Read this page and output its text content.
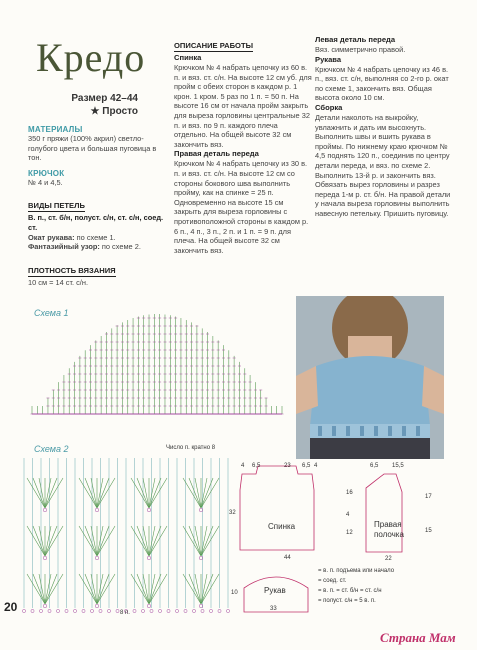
Кредо
Размер 42–44
★ Просто
МАТЕРИАЛЫ
350 г пряжи (100% акрил) светло-голубого цвета и большая пуговица в тон.
КРЮЧОК
№ 4 и 4,5.
ВИДЫ ПЕТЕЛЬ
В. п., ст. б/н, полуст. с/н, ст. с/н, соед. ст.
Окат рукава: по схеме 1.
Фантазийный узор: по схеме 2.
ПЛОТНОСТЬ ВЯЗАНИЯ
10 см = 14 ст. с/н.
ОПИСАНИЕ РАБОТЫ
Спинка
Крючком № 4 набрать цепочку из 60 в. п. и вяз. ст. с/н. На высоте 12 см уб. для пройм с обеих сторон в каждом р. 1 крон. 1 кром. 5 раз по 1 п. = 50 п. На высоте 16 см от начала пройм закрыть для выреза горловины центральные 32 п. и вяз. по 9 п. каждого плеча отдельно. На общей высоте 32 см закончить вяз.
Правая деталь переда
Крючком № 4 набрать цепочку из 30 в. п. и вяз. ст. с/н. На высоте 12 см со стороны бокового шва выполнить пройму, как на спинке = 25 п. Одновременно на высоте 15 см закрыть для выреза горловины с противоположной стороны в каждом р. 6 п., 4 п., 3 п., 2 п. и 1 п. = 9 п. для плеча. На общей высоте 32 см закончить вяз.
Левая деталь переда
Вяз. симметрично правой.
Рукава
Крючком № 4 набрать цепочку из 46 в. п., вяз. ст. с/н, выполняя со 2-го р. окат по схеме 1, закончить вяз. Общая высота около 10 см.
Сборка
Детали наколоть на выкройку, увлажнить и дать им высохнуть. Выполнить швы и вшить рукава в проймы. По нижнему краю крючком № 4,5 поднять 120 п., соединив по центру детали переда, и вяз. по схеме 2. Выполнить 13-й р. и закончить вяз. Обвязать вырез горловины и разрез переда 1-м р. ст. б/н. На правой детали у начала выреза горловины выполнить навесную петельку. Пришить пуговицу.
Схема 1
Схема 2	Число п. кратно 8
8 п.
Спинка	Правая полочка
Рукав
4 6,5	23 6,5 4
32
16
4
12
44
6,5 15,5
17
15
22
10
33
= в. п. подъема или начало
= соед. ст.
= в. п. = ст. б/н = ст. с/н
= полуст. с/н = 5 в. п.
20
Страна Мам
